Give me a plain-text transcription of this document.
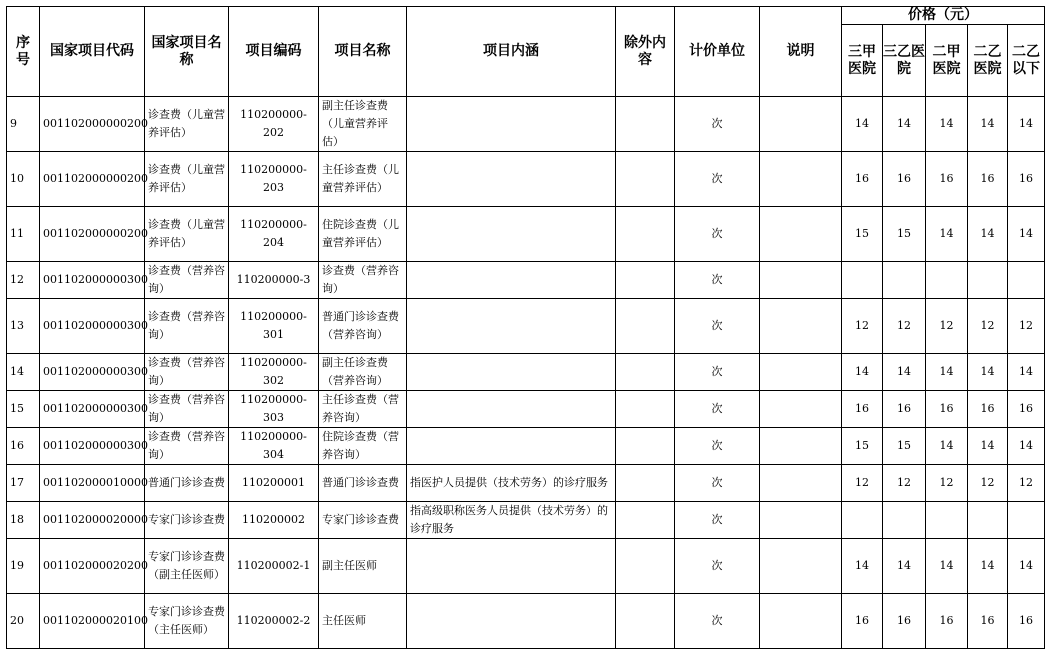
序号	国家项目代码	国家项目名称	项目编码	项目名称	项目内涵	除外内容	计价单位	说明	价格（元）				
									三甲医院	三乙医院	二甲医院	二乙医院	二乙以下
9	001102000000200	诊查费（儿童营养评估）	110200000-202	副主任诊查费（儿童营养评估）			次		14	14	14	14	14
10	001102000000200	诊查费（儿童营养评估）	110200000-203	主任诊查费（儿童营养评估）			次		16	16	16	16	16
11	001102000000200	诊查费（儿童营养评估）	110200000-204	住院诊查费（儿童营养评估）			次		15	15	14	14	14
12	001102000000300	诊查费（营养咨询）	110200000-3	诊查费（营养咨询）			次						
13	001102000000300	诊查费（营养咨询）	110200000-301	普通门诊诊查费（营养咨询）			次		12	12	12	12	12
14	001102000000300	诊查费（营养咨询）	110200000-302	副主任诊查费（营养咨询）			次		14	14	14	14	14
15	001102000000300	诊查费（营养咨询）	110200000-303	主任诊查费（营养咨询）			次		16	16	16	16	16
16	001102000000300	诊查费（营养咨询）	110200000-304	住院诊查费（营养咨询）			次		15	15	14	14	14
17	001102000010000	普通门诊诊查费	110200001	普通门诊诊查费	指医护人员提供（技术劳务）的诊疗服务		次		12	12	12	12	12
18	001102000020000	专家门诊诊查费	110200002	专家门诊诊查费	指高级职称医务人员提供（技术劳务）的诊疗服务		次						
19	001102000020200	专家门诊诊查费（副主任医师）	110200002-1	副主任医师			次		14	14	14	14	14
20	001102000020100	专家门诊诊查费（主任医师）	110200002-2	主任医师			次		16	16	16	16	16
